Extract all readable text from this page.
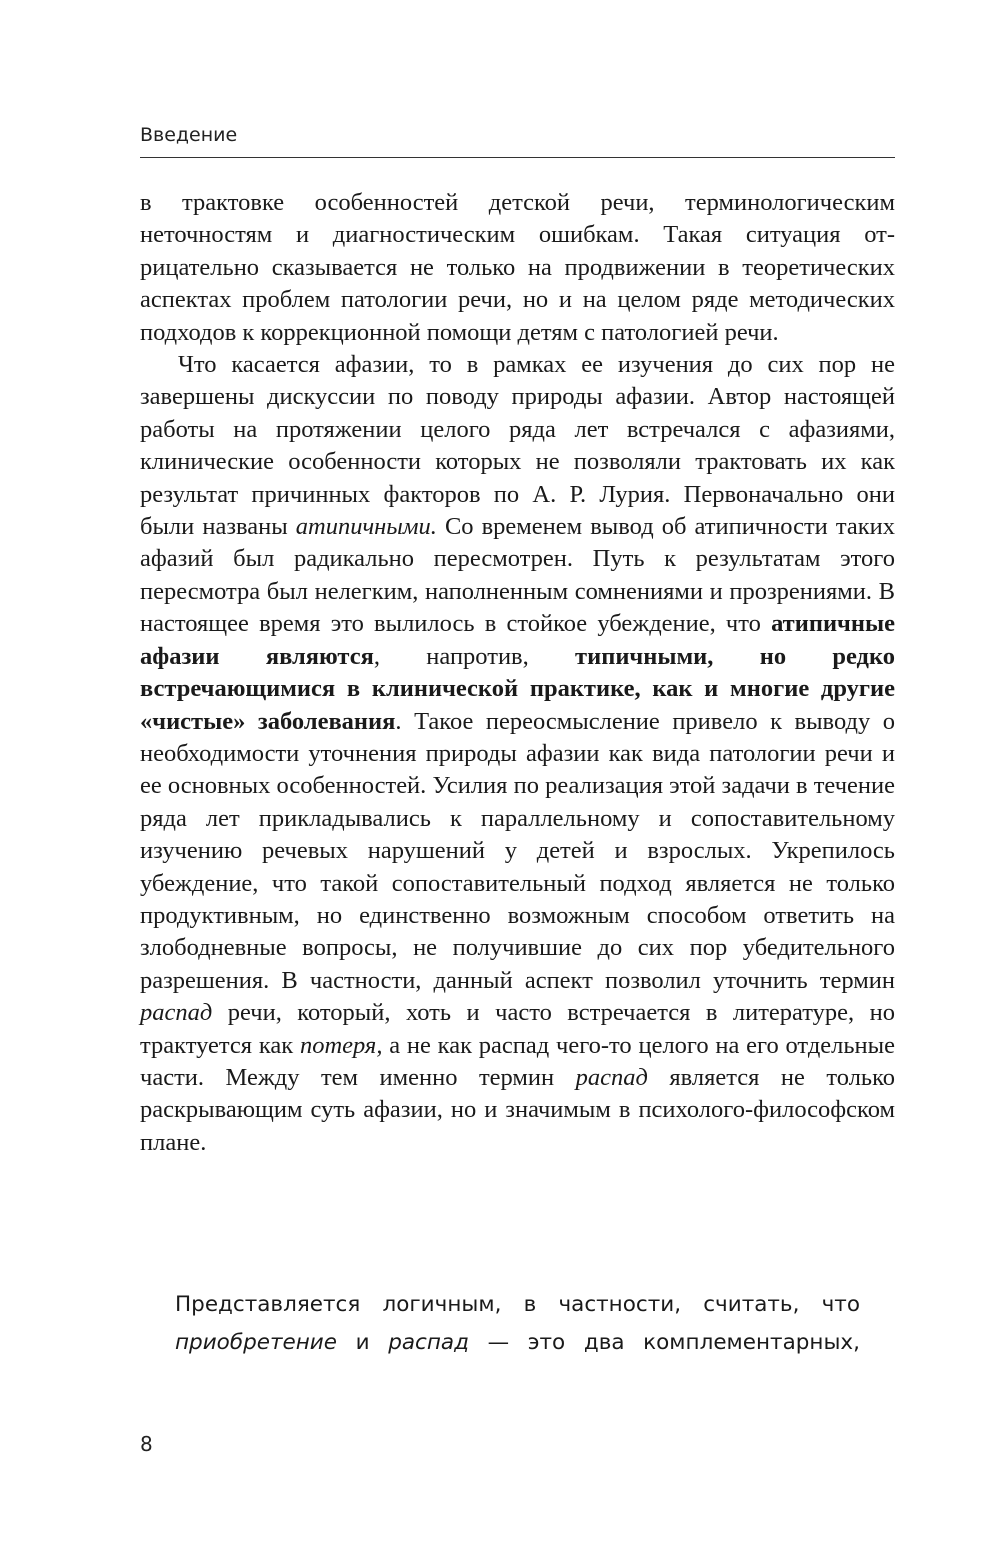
Введение

в трактовке особенностей детской речи, терминологическим неточностям и диагностическим ошибкам. Такая ситуация отрицательно сказывается не только на продвижении в теоретических аспектах проблем патологии речи, но и на целом ряде методических подходов к коррекционной помощи детям с патологией речи.

Что касается афазии, то в рамках ее изучения до сих пор не завершены дискуссии по поводу природы афазии. Автор настоящей работы на протяжении целого ряда лет встречался с афазиями, клинические особенности которых не позволяли трактовать их как результат причинных факторов по А. Р. Лурия. Первоначально они были названы атипичными. Со временем вывод об атипичности таких афазий был радикально пересмотрен. Путь к результатам этого пересмотра был нелегким, наполненным сомнениями и прозрениями. В настоящее время это вылилось в стойкое убеждение, что атипичные афазии являются, напротив, типичными, но редко встречающимися в клинической практике, как и многие другие «чистые» заболевания. Такое переосмысление привело к выводу о необходимости уточнения природы афазии как вида патологии речи и ее основных особенностей. Усилия по реализация этой задачи в течение ряда лет прикладывались к параллельному и сопоставительному изучению речевых нарушений у детей и взрослых. Укрепилось убеждение, что такой сопоставительный подход является не только продуктивным, но единственно возможным способом ответить на злободневные вопросы, не получившие до сих пор убедительного разрешения. В частности, данный аспект позволил уточнить термин распад речи, который, хоть и часто встречается в литературе, но трактуется как потеря, а не как распад чего-то целого на его отдельные части. Между тем именно термин распад является не только раскрывающим суть афазии, но и значимым в психолого-философском плане.

Представляется логичным, в частности, считать, что приобретение и распад — это два комплементарных,
8
